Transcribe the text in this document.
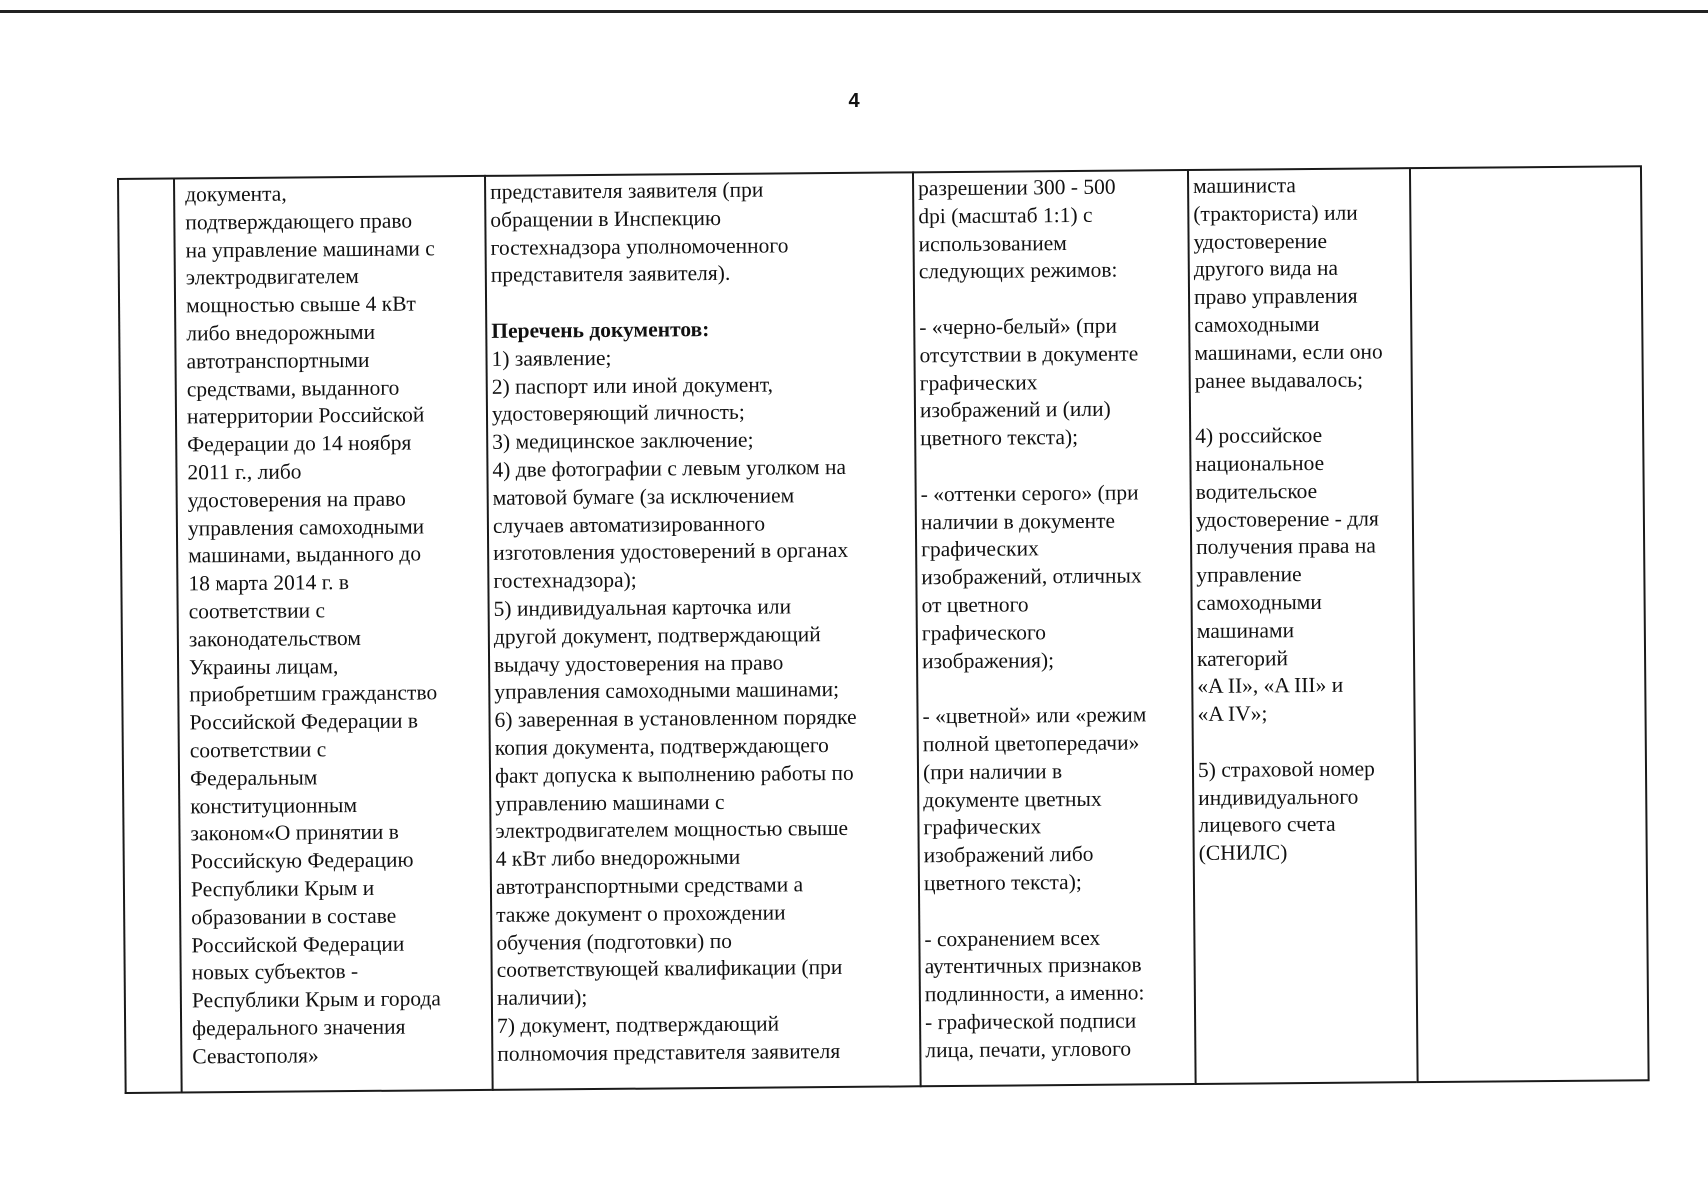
4
документа,
подтверждающего право
на управление машинами с
электродвигателем
мощностью свыше 4 кВт
либо внедорожными
автотранспортными
средствами, выданного
натерритории Российской
Федерации до 14 ноября
2011 г., либо
удостоверения на право
управления самоходными
машинами, выданного до
18 марта 2014 г. в
соответствии с
законодательством
Украины лицам,
приобретшим гражданство
Российской Федерации в
соответствии с
Федеральным
конституционным
законом«О принятии в
Российскую Федерацию
Республики Крым и
образовании в составе
Российской Федерации
новых субъектов -
Республики Крым и города
федерального значения
Севастополя»
представителя заявителя (при
обращении в Инспекцию
гостехнадзора уполномоченного
представителя заявителя).
Перечень документов:
1) заявление;
2) паспорт или иной документ,
удостоверяющий личность;
3) медицинское заключение;
4) две фотографии с левым уголком на
матовой бумаге (за исключением
случаев автоматизированного
изготовления удостоверений в органах
гостехнадзора);
5) индивидуальная карточка или
другой документ, подтверждающий
выдачу удостоверения на право
управления самоходными машинами;
6) заверенная в установленном порядке
копия документа, подтверждающего
факт допуска к выполнению работы по
управлению машинами с
электродвигателем мощностью свыше
4 кВт либо внедорожными
автотранспортными средствами а
также документ о прохождении
обучения (подготовки) по
соответствующей квалификации (при
наличии);
7) документ, подтверждающий
полномочия представителя заявителя
разрешении 300 - 500
dpi (масштаб 1:1) с
использованием
следующих режимов:
- «черно-белый» (при
отсутствии в документе
графических
изображений и (или)
цветного текста);
- «оттенки серого» (при
наличии в документе
графических
изображений, отличных
от цветного
графического
изображения);
- «цветной» или «режим
полной цветопередачи»
(при наличии в
документе цветных
графических
изображений либо
цветного текста);
- сохранением всех
аутентичных признаков
подлинности, а именно:
- графической подписи
лица, печати, углового
машиниста
(тракториста) или
удостоверение
другого вида на
право управления
самоходными
машинами, если оно
ранее выдавалось;
4) российское
национальное
водительское
удостоверение - для
получения права на
управление
самоходными
машинами
категорий
«A II», «A III» и
«A IV»;
5) страховой номер
индивидуального
лицевого счета
(СНИЛС)
